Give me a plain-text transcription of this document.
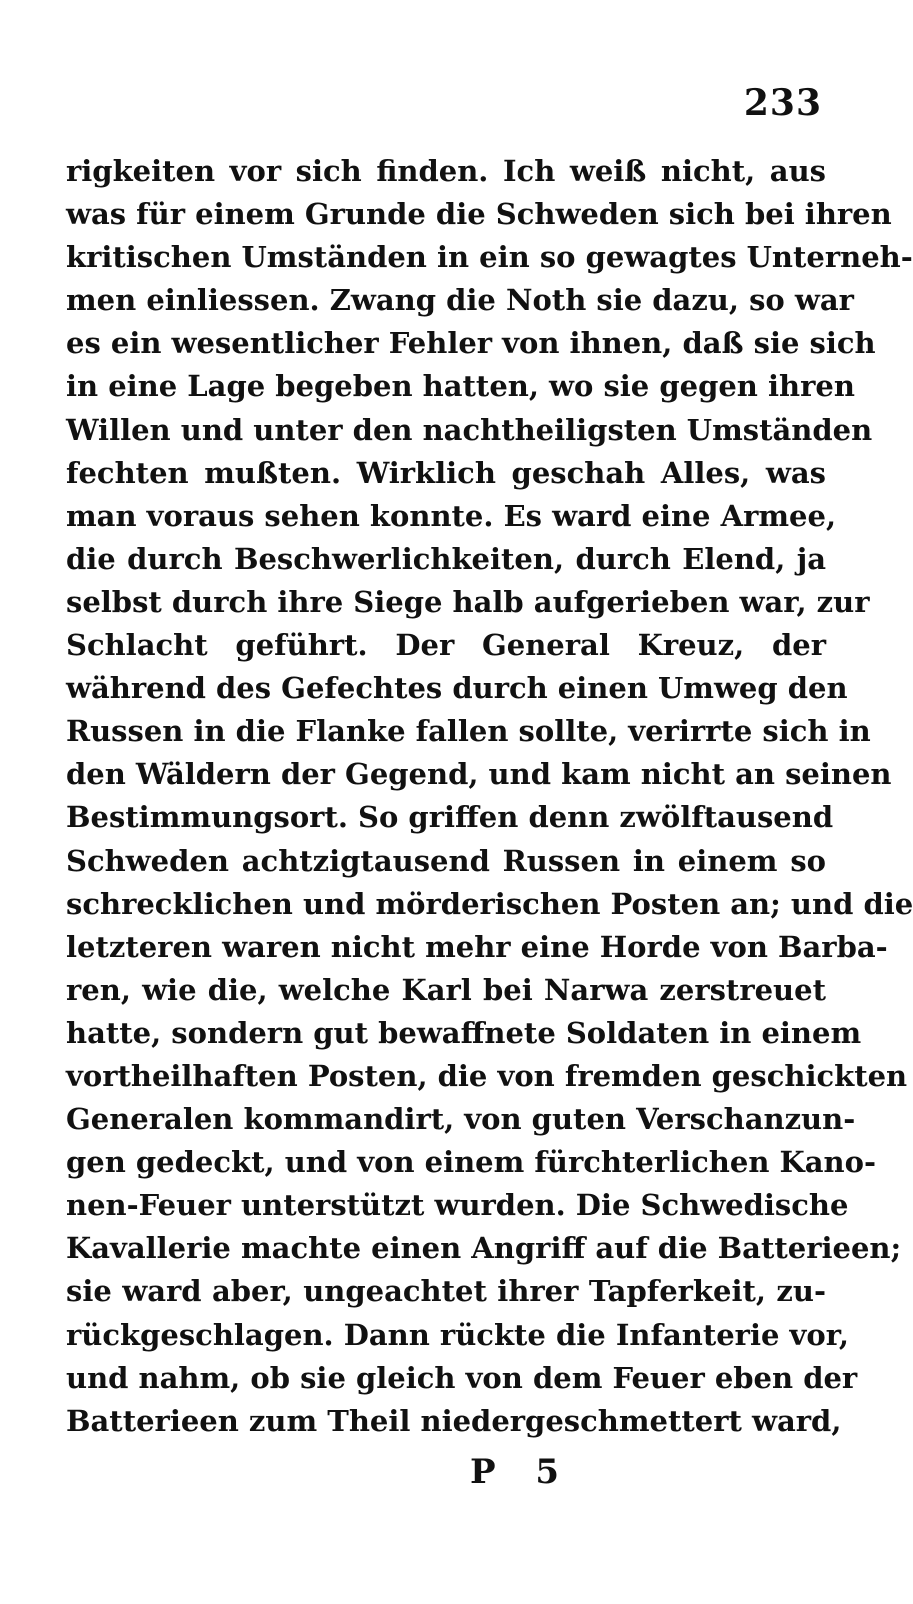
233
rigkeiten vor sich finden. Ich weiß nicht, aus
was für einem Grunde die Schweden sich bei ihren
kritischen Umständen in ein so gewagtes Unterneh-
men einliessen. Zwang die Noth sie dazu, so war
es ein wesentlicher Fehler von ihnen, daß sie sich
in eine Lage begeben hatten, wo sie gegen ihren
Willen und unter den nachtheiligsten Umständen
fechten mußten. Wirklich geschah Alles, was
man voraus sehen konnte. Es ward eine Armee,
die durch Beschwerlichkeiten, durch Elend, ja
selbst durch ihre Siege halb aufgerieben war, zur
Schlacht geführt. Der General Kreuz, der
während des Gefechtes durch einen Umweg den
Russen in die Flanke fallen sollte, verirrte sich in
den Wäldern der Gegend, und kam nicht an seinen
Bestimmungsort. So griffen denn zwölftausend
Schweden achtzigtausend Russen in einem so
schrecklichen und mörderischen Posten an; und die
letzteren waren nicht mehr eine Horde von Barba-
ren, wie die, welche Karl bei Narwa zerstreuet
hatte, sondern gut bewaffnete Soldaten in einem
vortheilhaften Posten, die von fremden geschickten
Generalen kommandirt, von guten Verschanzun-
gen gedeckt, und von einem fürchterlichen Kano-
nen-Feuer unterstützt wurden. Die Schwedische
Kavallerie machte einen Angriff auf die Batterieen;
sie ward aber, ungeachtet ihrer Tapferkeit, zu-
rückgeschlagen. Dann rückte die Infanterie vor,
und nahm, ob sie gleich von dem Feuer eben der
Batterieen zum Theil niedergeschmettert ward,
P 5
